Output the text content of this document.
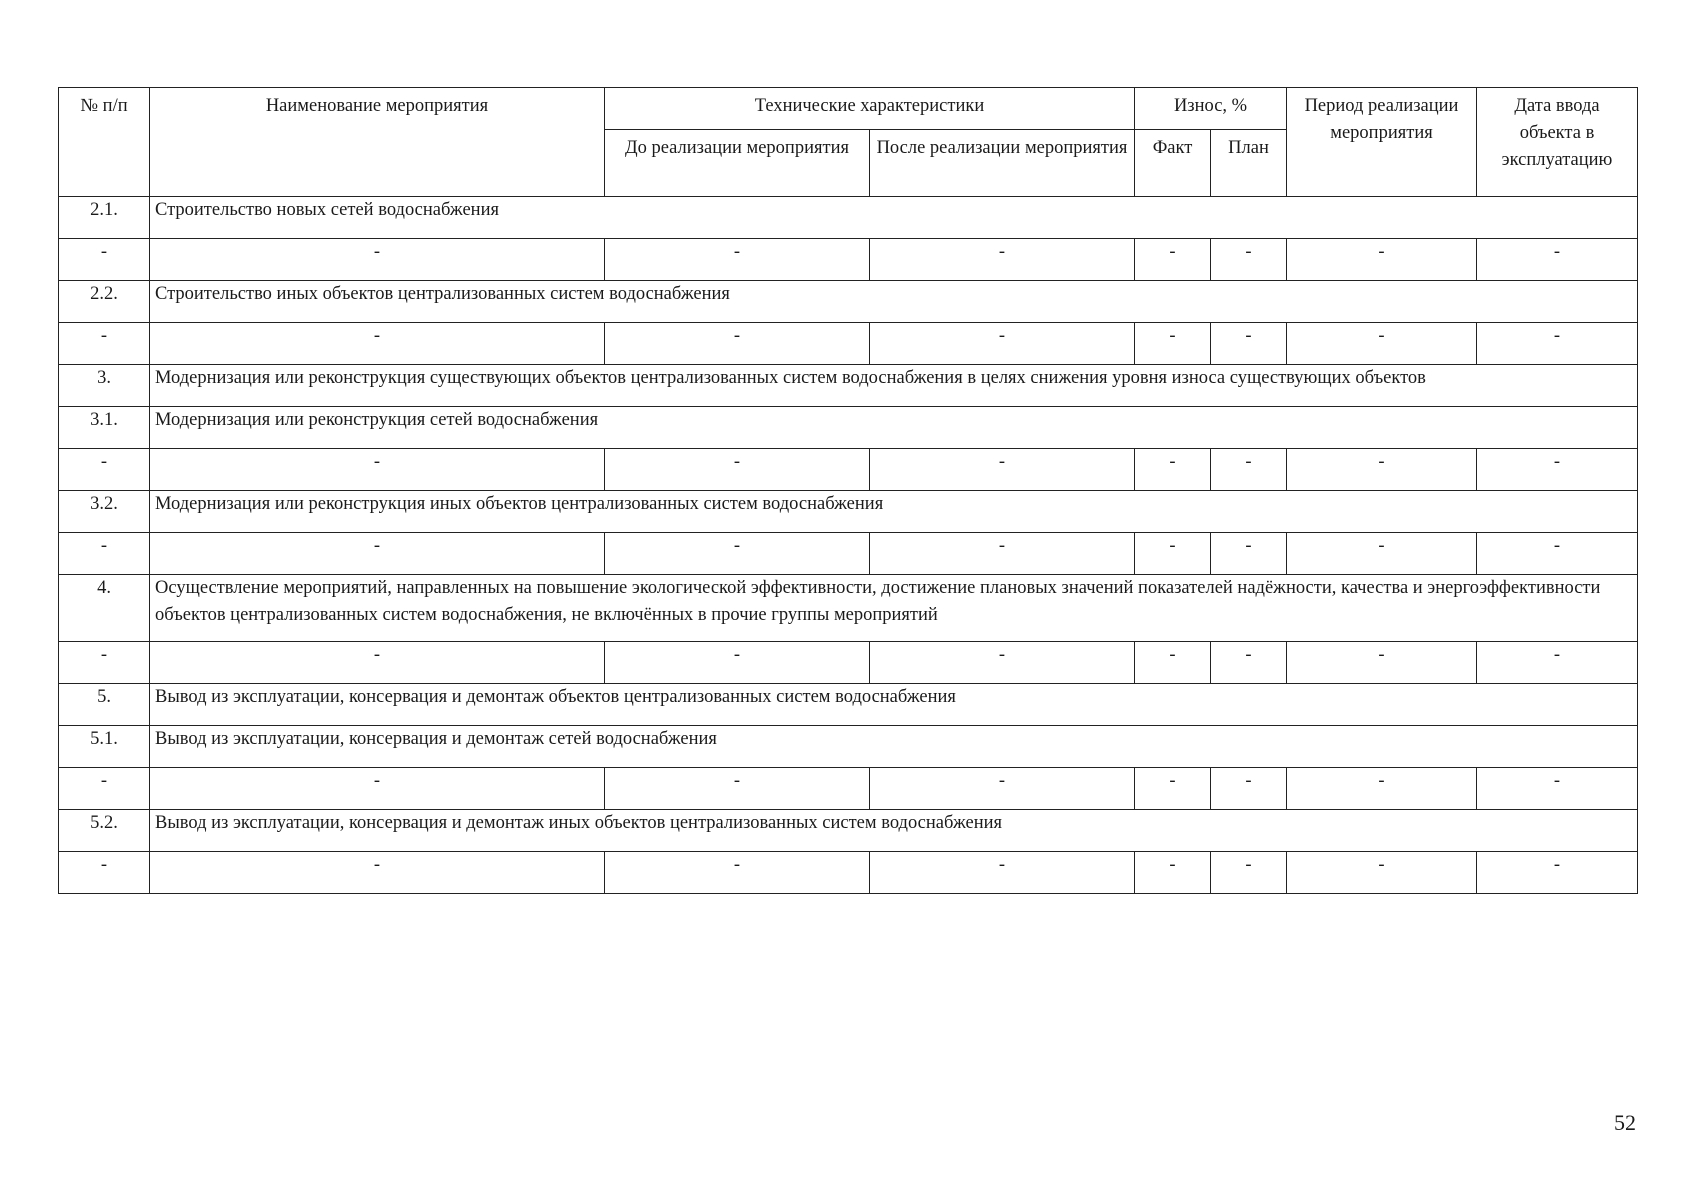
№ п/п	Наименование мероприятия	Технические характеристики		Износ, %		Период реализации мероприятия	Дата ввода объекта в эксплуатацию
		До реализации мероприятия	После реализации мероприятия	Факт	План		
2.1.	Строительство новых сетей водоснабжения						
-	-	-	-	-	-	-	-
2.2.	Строительство иных объектов централизованных систем водоснабжения						
-	-	-	-	-	-	-	-
3.	Модернизация или реконструкция существующих объектов централизованных систем водоснабжения в целях снижения уровня износа существующих объектов						
3.1.	Модернизация или реконструкция сетей водоснабжения						
-	-	-	-	-	-	-	-
3.2.	Модернизация или реконструкция иных объектов централизованных систем водоснабжения						
-	-	-	-	-	-	-	-
4.	Осуществление мероприятий, направленных на повышение экологической эффективности, достижение плановых значений показателей надёжности, качества и энергоэффективности объектов централизованных систем водоснабжения, не включённых в прочие группы мероприятий						
-	-	-	-	-	-	-	-
5.	Вывод из эксплуатации, консервация и демонтаж объектов централизованных систем водоснабжения						
5.1.	Вывод из эксплуатации, консервация и демонтаж сетей водоснабжения						
-	-	-	-	-	-	-	-
5.2.	Вывод из эксплуатации, консервация и демонтаж иных объектов централизованных систем водоснабжения						
-	-	-	-	-	-	-	-
52
